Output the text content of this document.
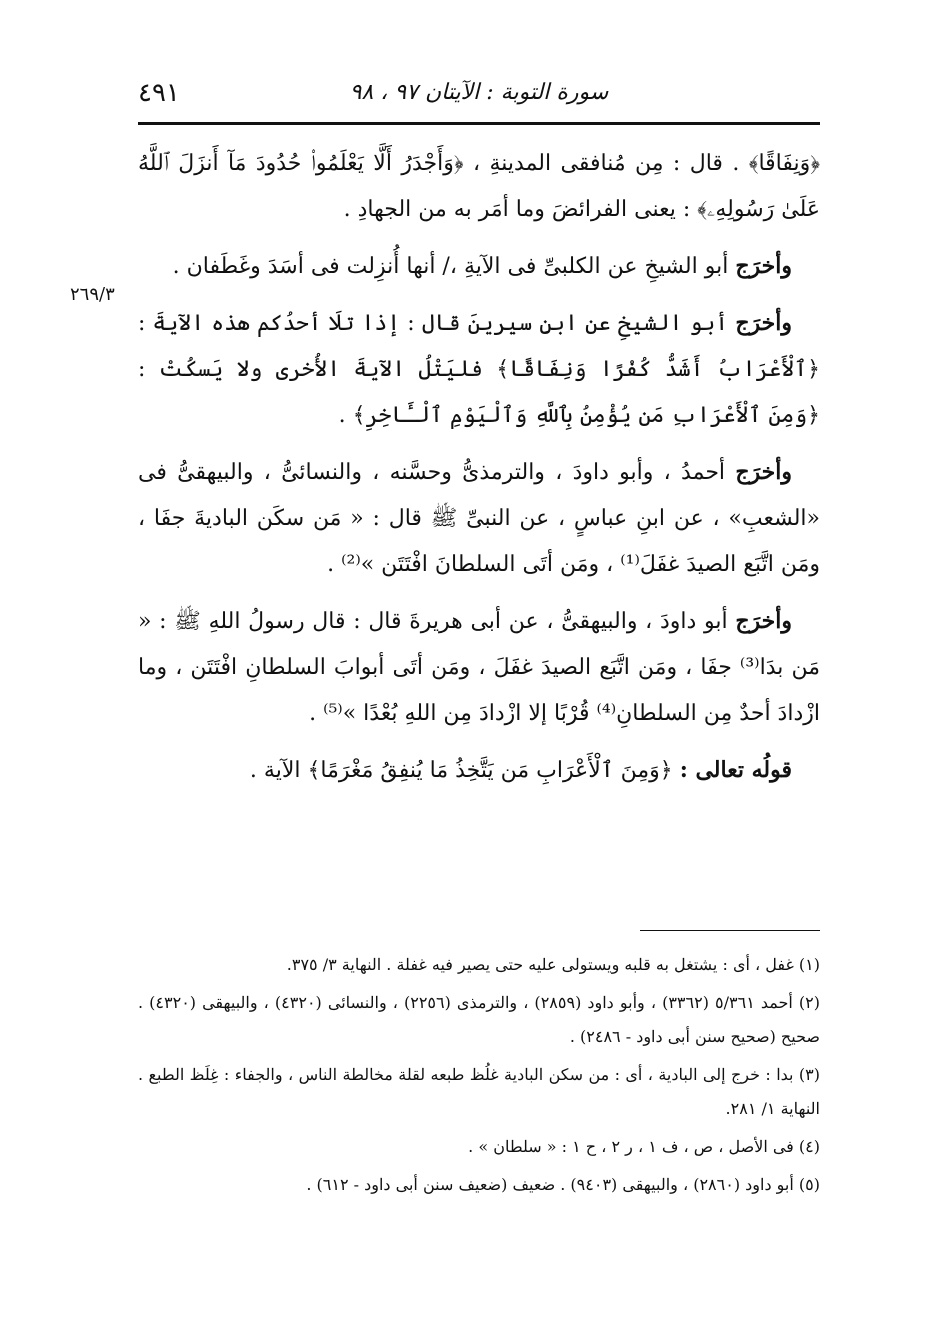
٤٩١	سورة التوبة : الآيتان ٩٧ ، ٩٨
٢٦٩/٣

﴿وَنِفَاقًا﴾ . قال : مِن مُنافقى المدينةِ ، ﴿وَأَجْدَرُ أَلَّا يَعْلَمُوا۟ حُدُودَ مَآ أَنزَلَ ٱللَّهُ عَلَىٰ رَسُولِهِۦ﴾ : يعنى الفرائضَ وما أمَر به من الجهادِ .

وأخرَج أبو الشيخِ عن الكلبىِّ فى الآيةِ ،/ أنها أُنزِلت فى أسَدَ وغَطَفان .

وأخرَج أبو الشيخِ عن ابنِ سيرينَ قال : إذا تلَا أحدُكم هذه الآيةَ : ﴿ٱلْأَعْرَابُ أَشَدُّ كُفْرًا وَنِفَاقًا﴾ فليَتْلُ الآيةَ الأُخرى ولا يَسكُتْ : ﴿وَمِنَ ٱلْأَعْرَابِ مَن يُؤْمِنُ بِٱللَّهِ وَٱلْيَوْمِ ٱلْـَٔاخِرِ﴾ .

وأخرَج أحمدُ ، وأبو داودَ ، والترمذىُّ وحسَّنه ، والنسائىُّ ، والبيهقىُّ فى «الشعبِ» ، عن ابنِ عباسٍ ، عن النبىِّ ﷺ قال : « مَن سكَن الباديةَ جفَا ، ومَن اتَّبَع الصيدَ غفَلَ⁽¹⁾ ، ومَن أتَى السلطانَ افْتَتَن »⁽²⁾ .

وأخرَج أبو داودَ ، والبيهقىُّ ، عن أبى هريرةَ قال : قال رسولُ اللهِ ﷺ : « مَن بدَا⁽³⁾ جفَا ، ومَن اتَّبَع الصيدَ غفَلَ ، ومَن أتَى أبوابَ السلطانِ افْتَتَن ، وما ازْدادَ أحدٌ مِن السلطانِ⁽⁴⁾ قُرْبًا إلا ازْدادَ مِن اللهِ بُعْدًا »⁽⁵⁾ .

قولُه تعالى : ﴿وَمِنَ ٱلْأَعْرَابِ مَن يَتَّخِذُ مَا يُنفِقُ مَغْرَمًا﴾ الآية .

(١) غفل ، أى : يشتغل به قلبه ويستولى عليه حتى يصير فيه غفلة . النهاية ٣/ ٣٧٥.

(٢) أحمد ٥/٣٦١ (٣٣٦٢) ، وأبو داود (٢٨٥٩) ، والترمذى (٢٢٥٦) ، والنسائى (٤٣٢٠) ، والبيهقى (٤٣٢٠) . صحيح (صحيح سنن أبى داود - ٢٤٨٦) .

(٣) بدا : خرج إلى البادية ، أى : من سكن البادية غلُظ طبعه لقلة مخالطة الناس ، والجفاء : غِلَظ الطبع . النهاية ١/ ٢٨١.

(٤) فى الأصل ، ص ، ف ١ ، ر ٢ ، ح ١ : « سلطان » .

(٥) أبو داود (٢٨٦٠) ، والبيهقى (٩٤٠٣) . ضعيف (ضعيف سنن أبى داود - ٦١٢) .
